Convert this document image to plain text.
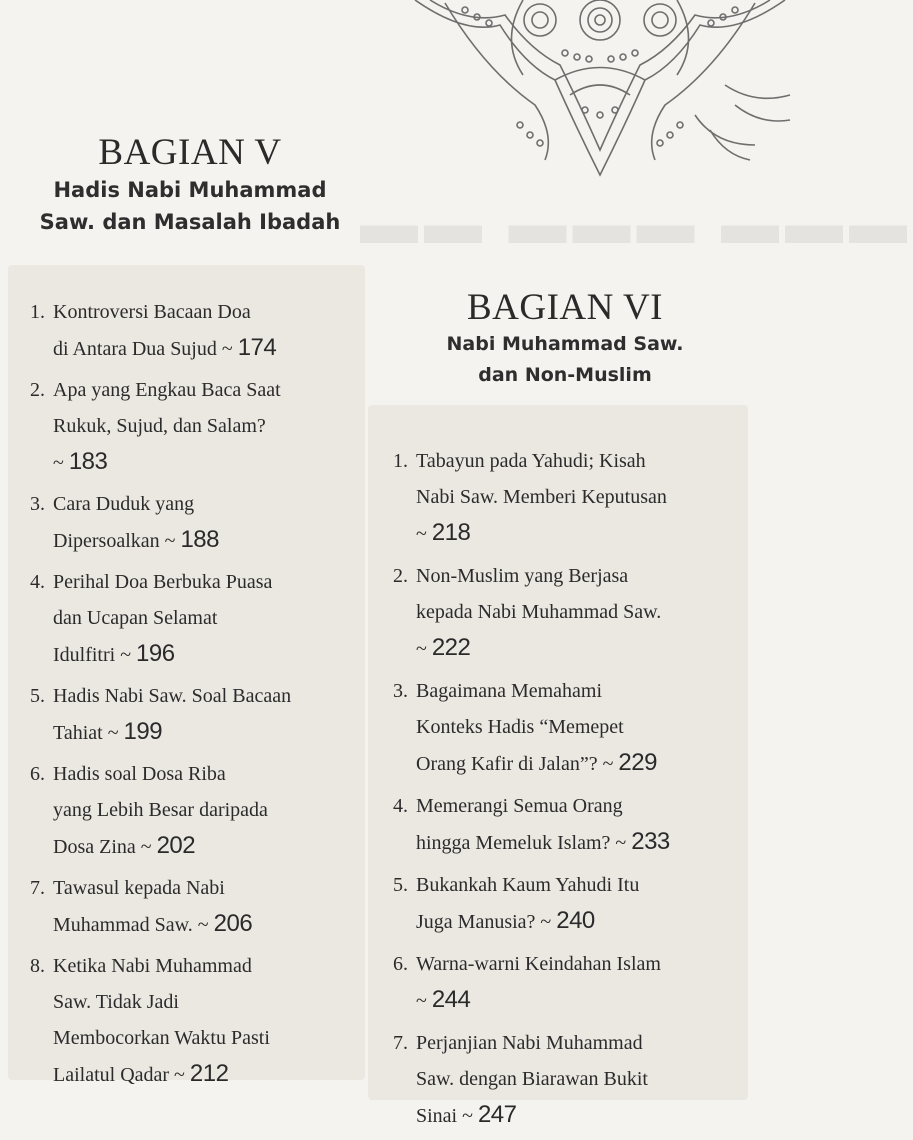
▬▬ ▬▬▬ ▬▬▬
BAGIAN V
Hadis Nabi Muhammad
Saw. dan Masalah Ibadah
BAGIAN VI
Nabi Muhammad Saw.
dan Non-Muslim
1. Kontroversi Bacaan Doa
di Antara Dua Sujud ~ 174
2. Apa yang Engkau Baca Saat
Rukuk, Sujud, dan Salam?
~ 183
3. Cara Duduk yang
Dipersoalkan ~ 188
4. Perihal Doa Berbuka Puasa
dan Ucapan Selamat
Idulfitri ~ 196
5. Hadis Nabi Saw. Soal Bacaan
Tahiat ~ 199
6. Hadis soal Dosa Riba
yang Lebih Besar daripada
Dosa Zina ~ 202
7. Tawasul kepada Nabi
Muhammad Saw. ~ 206
8. Ketika Nabi Muhammad
Saw. Tidak Jadi
Membocorkan Waktu Pasti
Lailatul Qadar ~ 212
1. Tabayun pada Yahudi; Kisah
Nabi Saw. Memberi Keputusan
~ 218
2. Non-Muslim yang Berjasa
kepada Nabi Muhammad Saw.
~ 222
3. Bagaimana Memahami
Konteks Hadis “Memepet
Orang Kafir di Jalan”? ~ 229
4. Memerangi Semua Orang
hingga Memeluk Islam? ~ 233
5. Bukankah Kaum Yahudi Itu
Juga Manusia? ~ 240
6. Warna-warni Keindahan Islam
~ 244
7. Perjanjian Nabi Muhammad
Saw. dengan Biarawan Bukit
Sinai ~ 247
